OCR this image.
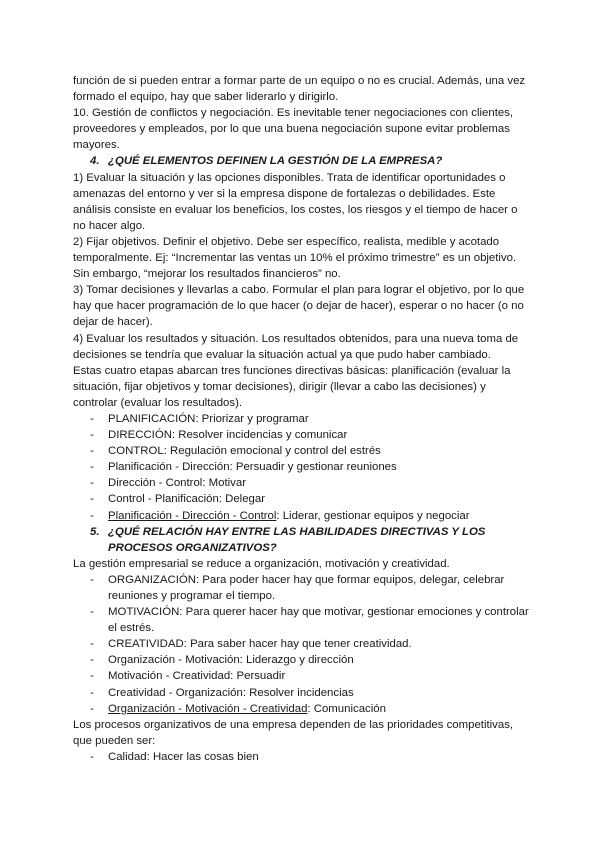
función de si pueden entrar a formar parte de un equipo o no es crucial. Además, una vez formado el equipo, hay que saber liderarlo y dirigirlo.

10. Gestión de conflictos y negociación. Es inevitable tener negociaciones con clientes, proveedores y empleados, por lo que una buena negociación supone evitar problemas mayores.

4. ¿QUÉ ELEMENTOS DEFINEN LA GESTIÓN DE LA EMPRESA?

1) Evaluar la situación y las opciones disponibles. Trata de identificar oportunidades o amenazas del entorno y ver si la empresa dispone de fortalezas o debilidades. Este análisis consiste en evaluar los beneficios, los costes, los riesgos y el tiempo de hacer o no hacer algo.

2) Fijar objetivos. Definir el objetivo. Debe ser específico, realista, medible y acotado temporalmente. Ej: “Incrementar las ventas un 10% el próximo trimestre” es un objetivo. Sin embargo, “mejorar los resultados financieros” no.

3) Tomar decisiones y llevarlas a cabo. Formular el plan para lograr el objetivo, por lo que hay que hacer programación de lo que hacer (o dejar de hacer), esperar o no hacer (o no dejar de hacer).

4) Evaluar los resultados y situación. Los resultados obtenidos, para una nueva toma de decisiones se tendría que evaluar la situación actual ya que pudo haber cambiado.

Estas cuatro etapas abarcan tres funciones directivas básicas: planificación (evaluar la situación, fijar objetivos y tomar decisiones), dirigir (llevar a cabo las decisiones) y controlar (evaluar los resultados).

-	PLANIFICACIÓN: Priorizar y programar
-	DIRECCIÓN: Resolver incidencias y comunicar
-	CONTROL: Regulación emocional y control del estrés
-	Planificación - Dirección: Persuadir y gestionar reuniones
-	Dirección - Control: Motivar
-	Control - Planificación: Delegar
-	Planificación - Dirección - Control: Liderar, gestionar equipos y negociar
5. ¿QUÉ RELACIÓN HAY ENTRE LAS HABILIDADES DIRECTIVAS Y LOS PROCESOS ORGANIZATIVOS?

La gestión empresarial se reduce a organización, motivación y creatividad.

-	ORGANIZACIÓN: Para poder hacer hay que formar equipos, delegar, celebrar reuniones y programar el tiempo.
-	MOTIVACIÓN: Para querer hacer hay que motivar, gestionar emociones y controlar el estrés.
-	CREATIVIDAD: Para saber hacer hay que tener creatividad.
-	Organización - Motivación: Liderazgo y dirección
-	Motivación - Creatividad: Persuadir
-	Creatividad - Organización: Resolver incidencias
-	Organización - Motivación - Creatividad: Comunicación

Los procesos organizativos de una empresa dependen de las prioridades competitivas, que pueden ser:

-	Calidad: Hacer las cosas bien
